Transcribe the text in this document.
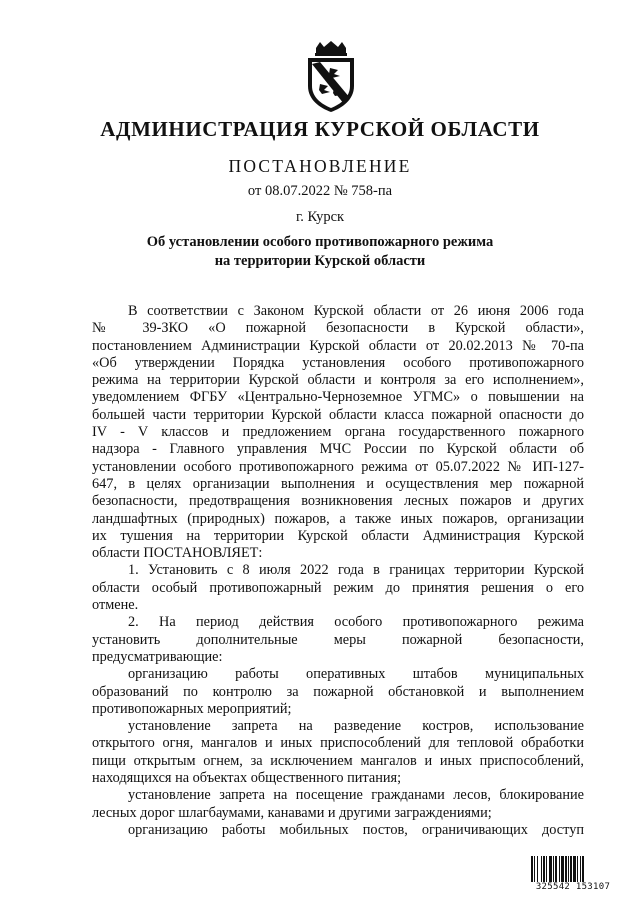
АДМИНИСТРАЦИЯ КУРСКОЙ ОБЛАСТИ
ПОСТАНОВЛЕНИЕ
от 08.07.2022 № 758-па
г. Курск
Об установлении особого противопожарного режима
на территории Курской области
В соответствии с Законом Курской области от 26 июня 2006 года
№ 39-ЗКО «О пожарной безопасности в Курской области»,
постановлением Администрации Курской области от 20.02.2013 № 70-па
«Об утверждении Порядка установления особого противопожарного
режима на территории Курской области и контроля за его исполнением»,
уведомлением ФГБУ «Центрально-Черноземное УГМС» о повышении на
большей части территории Курской области класса пожарной опасности до
IV - V классов и предложением органа государственного пожарного
надзора - Главного управления МЧС России по Курской области об
установлении особого противопожарного режима от 05.07.2022 № ИП-127-
647, в целях организации выполнения и осуществления мер пожарной
безопасности, предотвращения возникновения лесных пожаров и других
ландшафтных (природных) пожаров, а также иных пожаров, организации
их тушения на территории Курской области Администрация Курской
области ПОСТАНОВЛЯЕТ:
1. Установить с 8 июля 2022 года в границах территории Курской
области особый противопожарный режим до принятия решения о его
отмене.
2. На период действия особого противопожарного режима
установить дополнительные меры пожарной безопасности,
предусматривающие:
организацию работы оперативных штабов муниципальных
образований по контролю за пожарной обстановкой и выполнением
противопожарных мероприятий;
установление запрета на разведение костров, использование
открытого огня, мангалов и иных приспособлений для тепловой обработки
пищи открытым огнем, за исключением мангалов и иных приспособлений,
находящихся на объектах общественного питания;
установление запрета на посещение гражданами лесов, блокирование
лесных дорог шлагбаумами, канавами и другими заграждениями;
организацию работы мобильных постов, ограничивающих доступ
325542 153107
